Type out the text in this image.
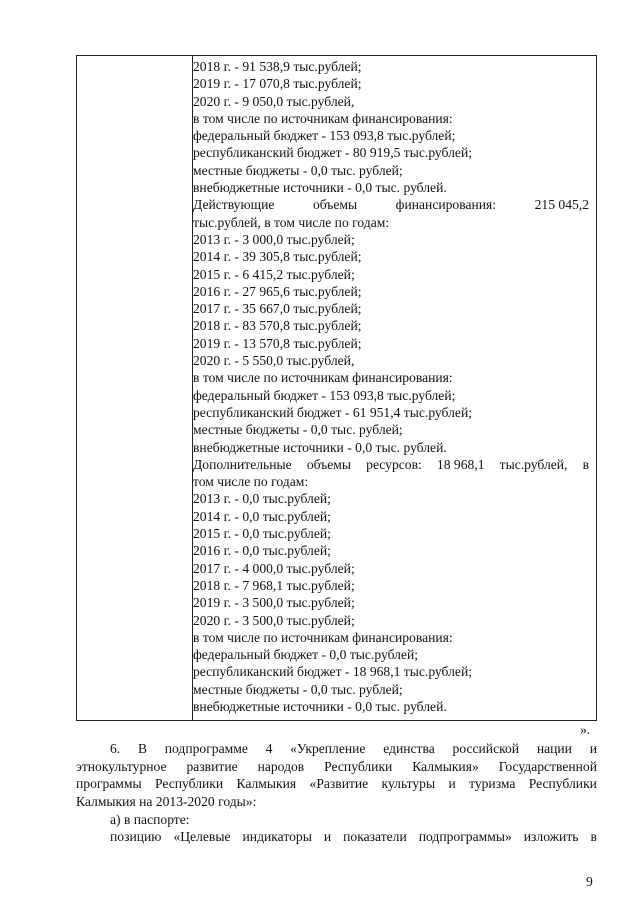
2018 г. - 91 538,9 тыс.рублей;
2019 г. - 17 070,8 тыс.рублей;
2020 г. - 9 050,0 тыс.рублей,
в том числе по источникам финансирования:
федеральный бюджет - 153 093,8 тыс.рублей;
республиканский бюджет - 80 919,5 тыс.рублей;
местные бюджеты - 0,0 тыс. рублей;
внебюджетные источники - 0,0 тыс. рублей.
Действующие	объемы	финансирования:	215 045,2
тыс.рублей, в том числе по годам:
2013 г. - 3 000,0 тыс.рублей;
2014 г. - 39 305,8 тыс.рублей;
2015 г. - 6 415,2 тыс.рублей;
2016 г. - 27 965,6 тыс.рублей;
2017 г. - 35 667,0 тыс.рублей;
2018 г. - 83 570,8 тыс.рублей;
2019 г. - 13 570,8 тыс.рублей;
2020 г. - 5 550,0 тыс.рублей,
в том числе по источникам финансирования:
федеральный бюджет - 153 093,8 тыс.рублей;
республиканский бюджет - 61 951,4 тыс.рублей;
местные бюджеты - 0,0 тыс. рублей;
внебюджетные источники - 0,0 тыс. рублей.
Дополнительные объемы ресурсов: 18 968,1 тыс.рублей, в
том числе по годам:
2013 г. - 0,0 тыс.рублей;
2014 г. - 0,0 тыс.рублей;
2015 г. - 0,0 тыс.рублей;
2016 г. - 0,0 тыс.рублей;
2017 г. - 4 000,0 тыс.рублей;
2018 г. - 7 968,1 тыс.рублей;
2019 г. - 3 500,0 тыс.рублей;
2020 г. - 3 500,0 тыс.рублей;
в том числе по источникам финансирования:
федеральный бюджет - 0,0 тыс.рублей;
республиканский бюджет - 18 968,1 тыс.рублей;
местные бюджеты - 0,0 тыс. рублей;
внебюджетные источники - 0,0 тыс. рублей.
».
6. В подпрограмме 4 «Укрепление единства российской нации и
этнокультурное развитие народов Республики Калмыкия» Государственной
программы Республики Калмыкия «Развитие культуры и туризма Республики
Калмыкия на 2013-2020 годы»:
а) в паспорте:
позицию «Целевые индикаторы и показатели подпрограммы» изложить в
9
